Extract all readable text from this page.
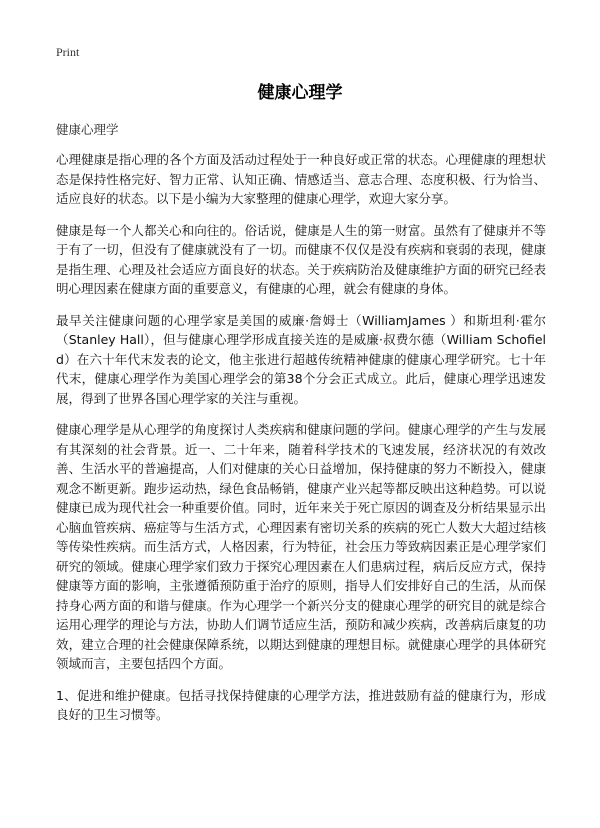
Print
健康心理学
健康心理学

心理健康是指心理的各个方面及活动过程处于一种良好或正常的状态。心理健康的理想状态是保持性格完好、智力正常、认知正确、情感适当、意志合理、态度积极、行为恰当、适应良好的状态。以下是小编为大家整理的健康心理学，欢迎大家分享。

健康是每一个人都关心和向往的。俗话说，健康是人生的第一财富。虽然有了健康并不等于有了一切，但没有了健康就没有了一切。而健康不仅仅是没有疾病和衰弱的表现，健康是指生理、心理及社会适应方面良好的状态。关于疾病防治及健康维护方面的研究已经表明心理因素在健康方面的重要意义，有健康的心理，就会有健康的身体。

最早关注健康问题的心理学家是美国的威廉·詹姆士（WilliamJames ）和斯坦利·霍尔（Stanley Hall），但与健康心理学形成直接关连的是威廉·叔费尔德（William Schofield）在六十年代末发表的论文，他主张进行超越传统精神健康的健康心理学研究。七十年代末，健康心理学作为美国心理学会的第38个分会正式成立。此后，健康心理学迅速发展，得到了世界各国心理学家的关注与重视。

健康心理学是从心理学的角度探讨人类疾病和健康问题的学问。健康心理学的产生与发展有其深刻的社会背景。近一、二十年来，随着科学技术的飞速发展，经济状况的有效改善、生活水平的普遍提高，人们对健康的关心日益增加，保持健康的努力不断投入，健康观念不断更新。跑步运动热，绿色食品畅销，健康产业兴起等都反映出这种趋势。可以说健康已成为现代社会一种重要价值。同时，近年来关于死亡原因的调查及分析结果显示出心脑血管疾病、癌症等与生活方式，心理因素有密切关系的疾病的死亡人数大大超过结核等传染性疾病。而生活方式，人格因素，行为特征，社会压力等致病因素正是心理学家们研究的领域。健康心理学家们致力于探究心理因素在人们患病过程，病后反应方式，保持健康等方面的影响，主张遵循预防重于治疗的原则，指导人们安排好自己的生活，从而保持身心两方面的和谐与健康。作为心理学一个新兴分支的健康心理学的研究目的就是综合运用心理学的理论与方法，协助人们调节适应生活，预防和减少疾病，改善病后康复的功效，建立合理的社会健康保障系统，以期达到健康的理想目标。就健康心理学的具体研究领域而言，主要包括四个方面。

1、促进和维护健康。包括寻找保持健康的心理学方法，推进鼓励有益的健康行为，形成良好的卫生习惯等。
